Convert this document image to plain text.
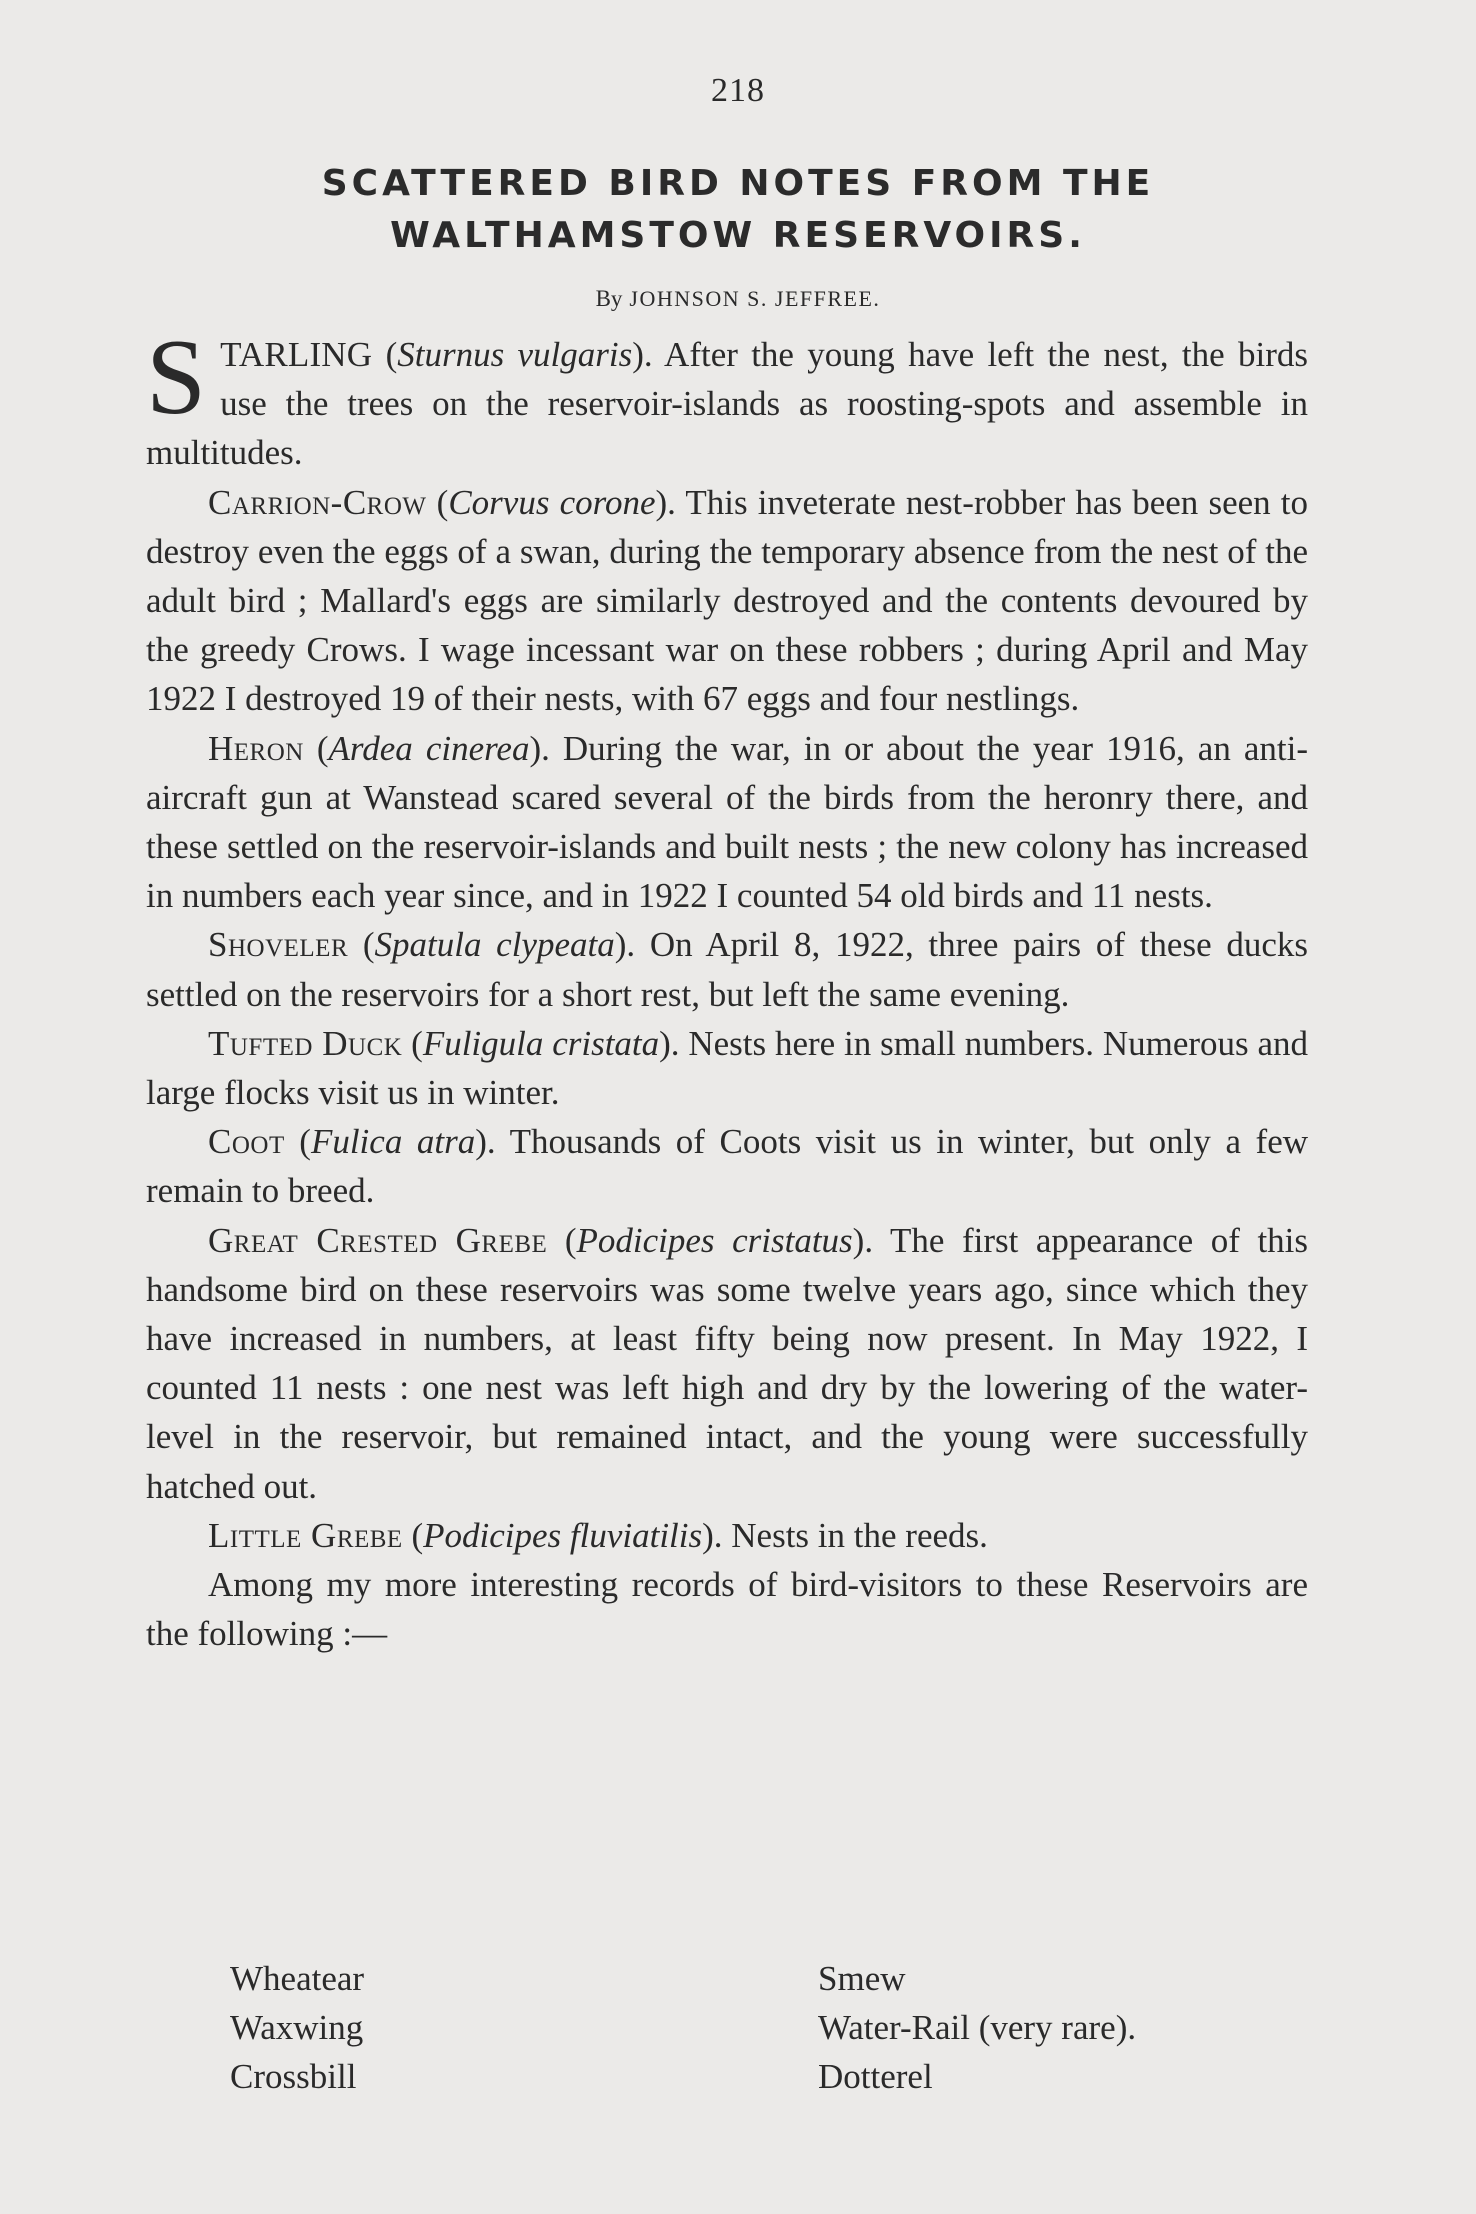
218
SCATTERED BIRD NOTES FROM THE
WALTHAMSTOW RESERVOIRS.
By JOHNSON S. JEFFREE.

STARLING (Sturnus vulgaris). After the young have left the nest, the birds use the trees on the reservoir-islands as roosting-spots and assemble in multitudes.

Carrion-Crow (Corvus corone). This inveterate nest-robber has been seen to destroy even the eggs of a swan, during the temporary absence from the nest of the adult bird ; Mallard's eggs are similarly destroyed and the contents devoured by the greedy Crows. I wage incessant war on these robbers ; during April and May 1922 I destroyed 19 of their nests, with 67 eggs and four nestlings.

Heron (Ardea cinerea). During the war, in or about the year 1916, an anti-aircraft gun at Wanstead scared several of the birds from the heronry there, and these settled on the reservoir-islands and built nests ; the new colony has increased in numbers each year since, and in 1922 I counted 54 old birds and 11 nests.

Shoveler (Spatula clypeata). On April 8, 1922, three pairs of these ducks settled on the reservoirs for a short rest, but left the same evening.

Tufted Duck (Fuligula cristata). Nests here in small numbers. Numerous and large flocks visit us in winter.

Coot (Fulica atra). Thousands of Coots visit us in winter, but only a few remain to breed.

Great Crested Grebe (Podicipes cristatus). The first appearance of this handsome bird on these reservoirs was some twelve years ago, since which they have increased in numbers, at least fifty being now present. In May 1922, I counted 11 nests : one nest was left high and dry by the lowering of the water-level in the reservoir, but remained intact, and the young were successfully hatched out.

Little Grebe (Podicipes fluviatilis). Nests in the reeds.

Among my more interesting records of bird-visitors to these Reservoirs are the following :—

Wheatear
Waxwing
Crossbill
Smew
Water-Rail (very rare).
Dotterel
